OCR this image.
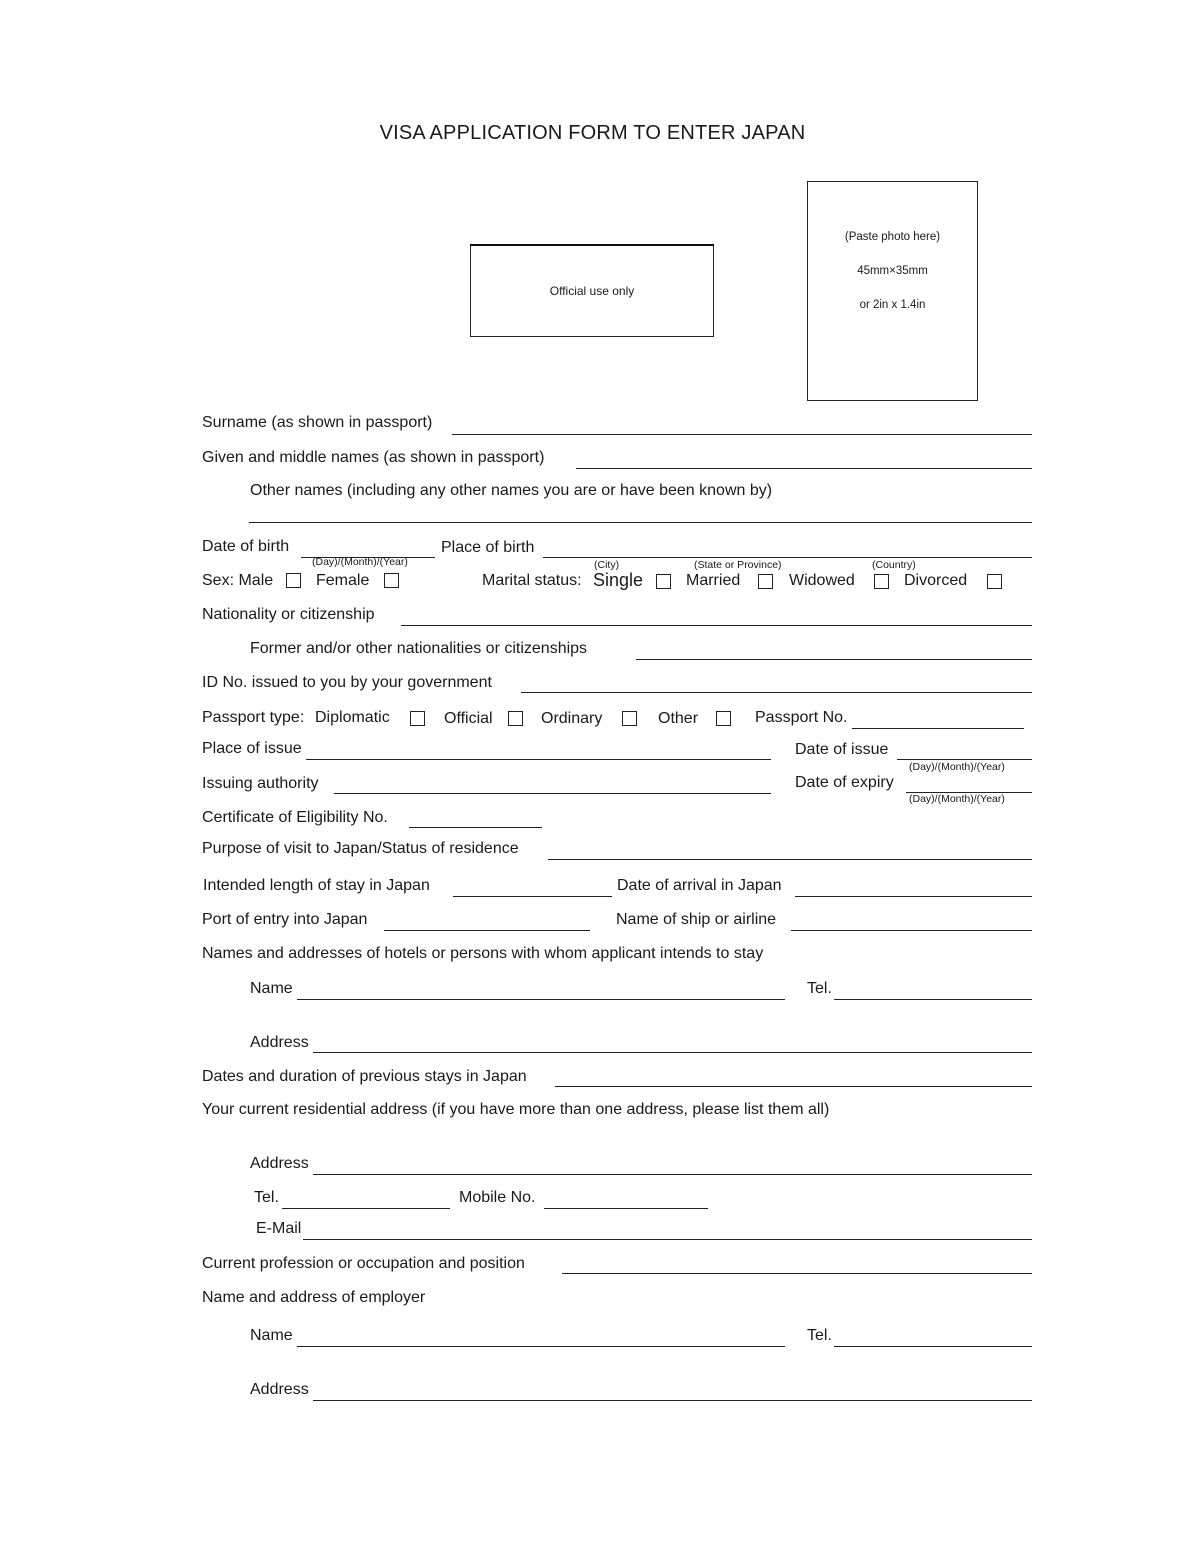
VISA APPLICATION FORM TO ENTER JAPAN
Official use only
(Paste photo here)
45mm×35mm
or 2in x 1.4in
Surname (as shown in passport)
Given and middle names (as shown in passport)
Other names (including any other names you are or have been known by)
Date of birth
(Day)/(Month)/(Year)
Place of birth
(City)	(State or Province)	(Country)
Sex: Male	Female	Marital status: Single	Married	Widowed	Divorced
Nationality or citizenship
Former and/or other nationalities or citizenships
ID No. issued to you by your government
Passport type: Diplomatic	Official	Ordinary	Other	Passport No.
Place of issue	Date of issue
(Day)/(Month)/(Year)
Issuing authority	Date of expiry
(Day)/(Month)/(Year)
Certificate of Eligibility No.
Purpose of visit to Japan/Status of residence
Intended length of stay in Japan	Date of arrival in Japan
Port of entry into Japan	Name of ship or airline
Names and addresses of hotels or persons with whom applicant intends to stay
Name	Tel.
Address
Dates and duration of previous stays in Japan
Your current residential address (if you have more than one address, please list them all)
Address
Tel.	Mobile No.
E-Mail
Current profession or occupation and position
Name and address of employer
Name	Tel.
Address
